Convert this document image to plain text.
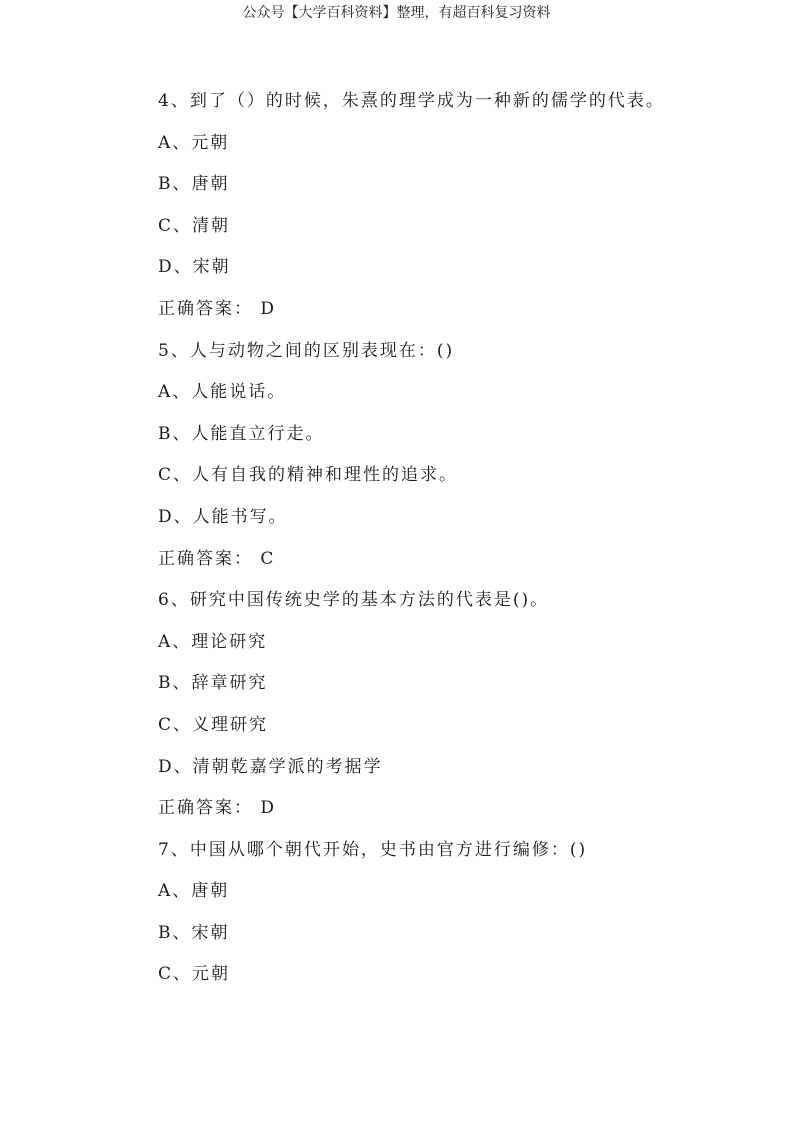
公众号【大学百科资料】整理，有超百科复习资料
4、到了（）的时候，朱熹的理学成为一种新的儒学的代表。
A、元朝
B、唐朝
C、清朝
D、宋朝
正确答案： D
5、人与动物之间的区别表现在：()
A、人能说话。
B、人能直立行走。
C、人有自我的精神和理性的追求。
D、人能书写。
正确答案： C
6、研究中国传统史学的基本方法的代表是()。
A、理论研究
B、辞章研究
C、义理研究
D、清朝乾嘉学派的考据学
正确答案： D
7、中国从哪个朝代开始，史书由官方进行编修：()
A、唐朝
B、宋朝
C、元朝
